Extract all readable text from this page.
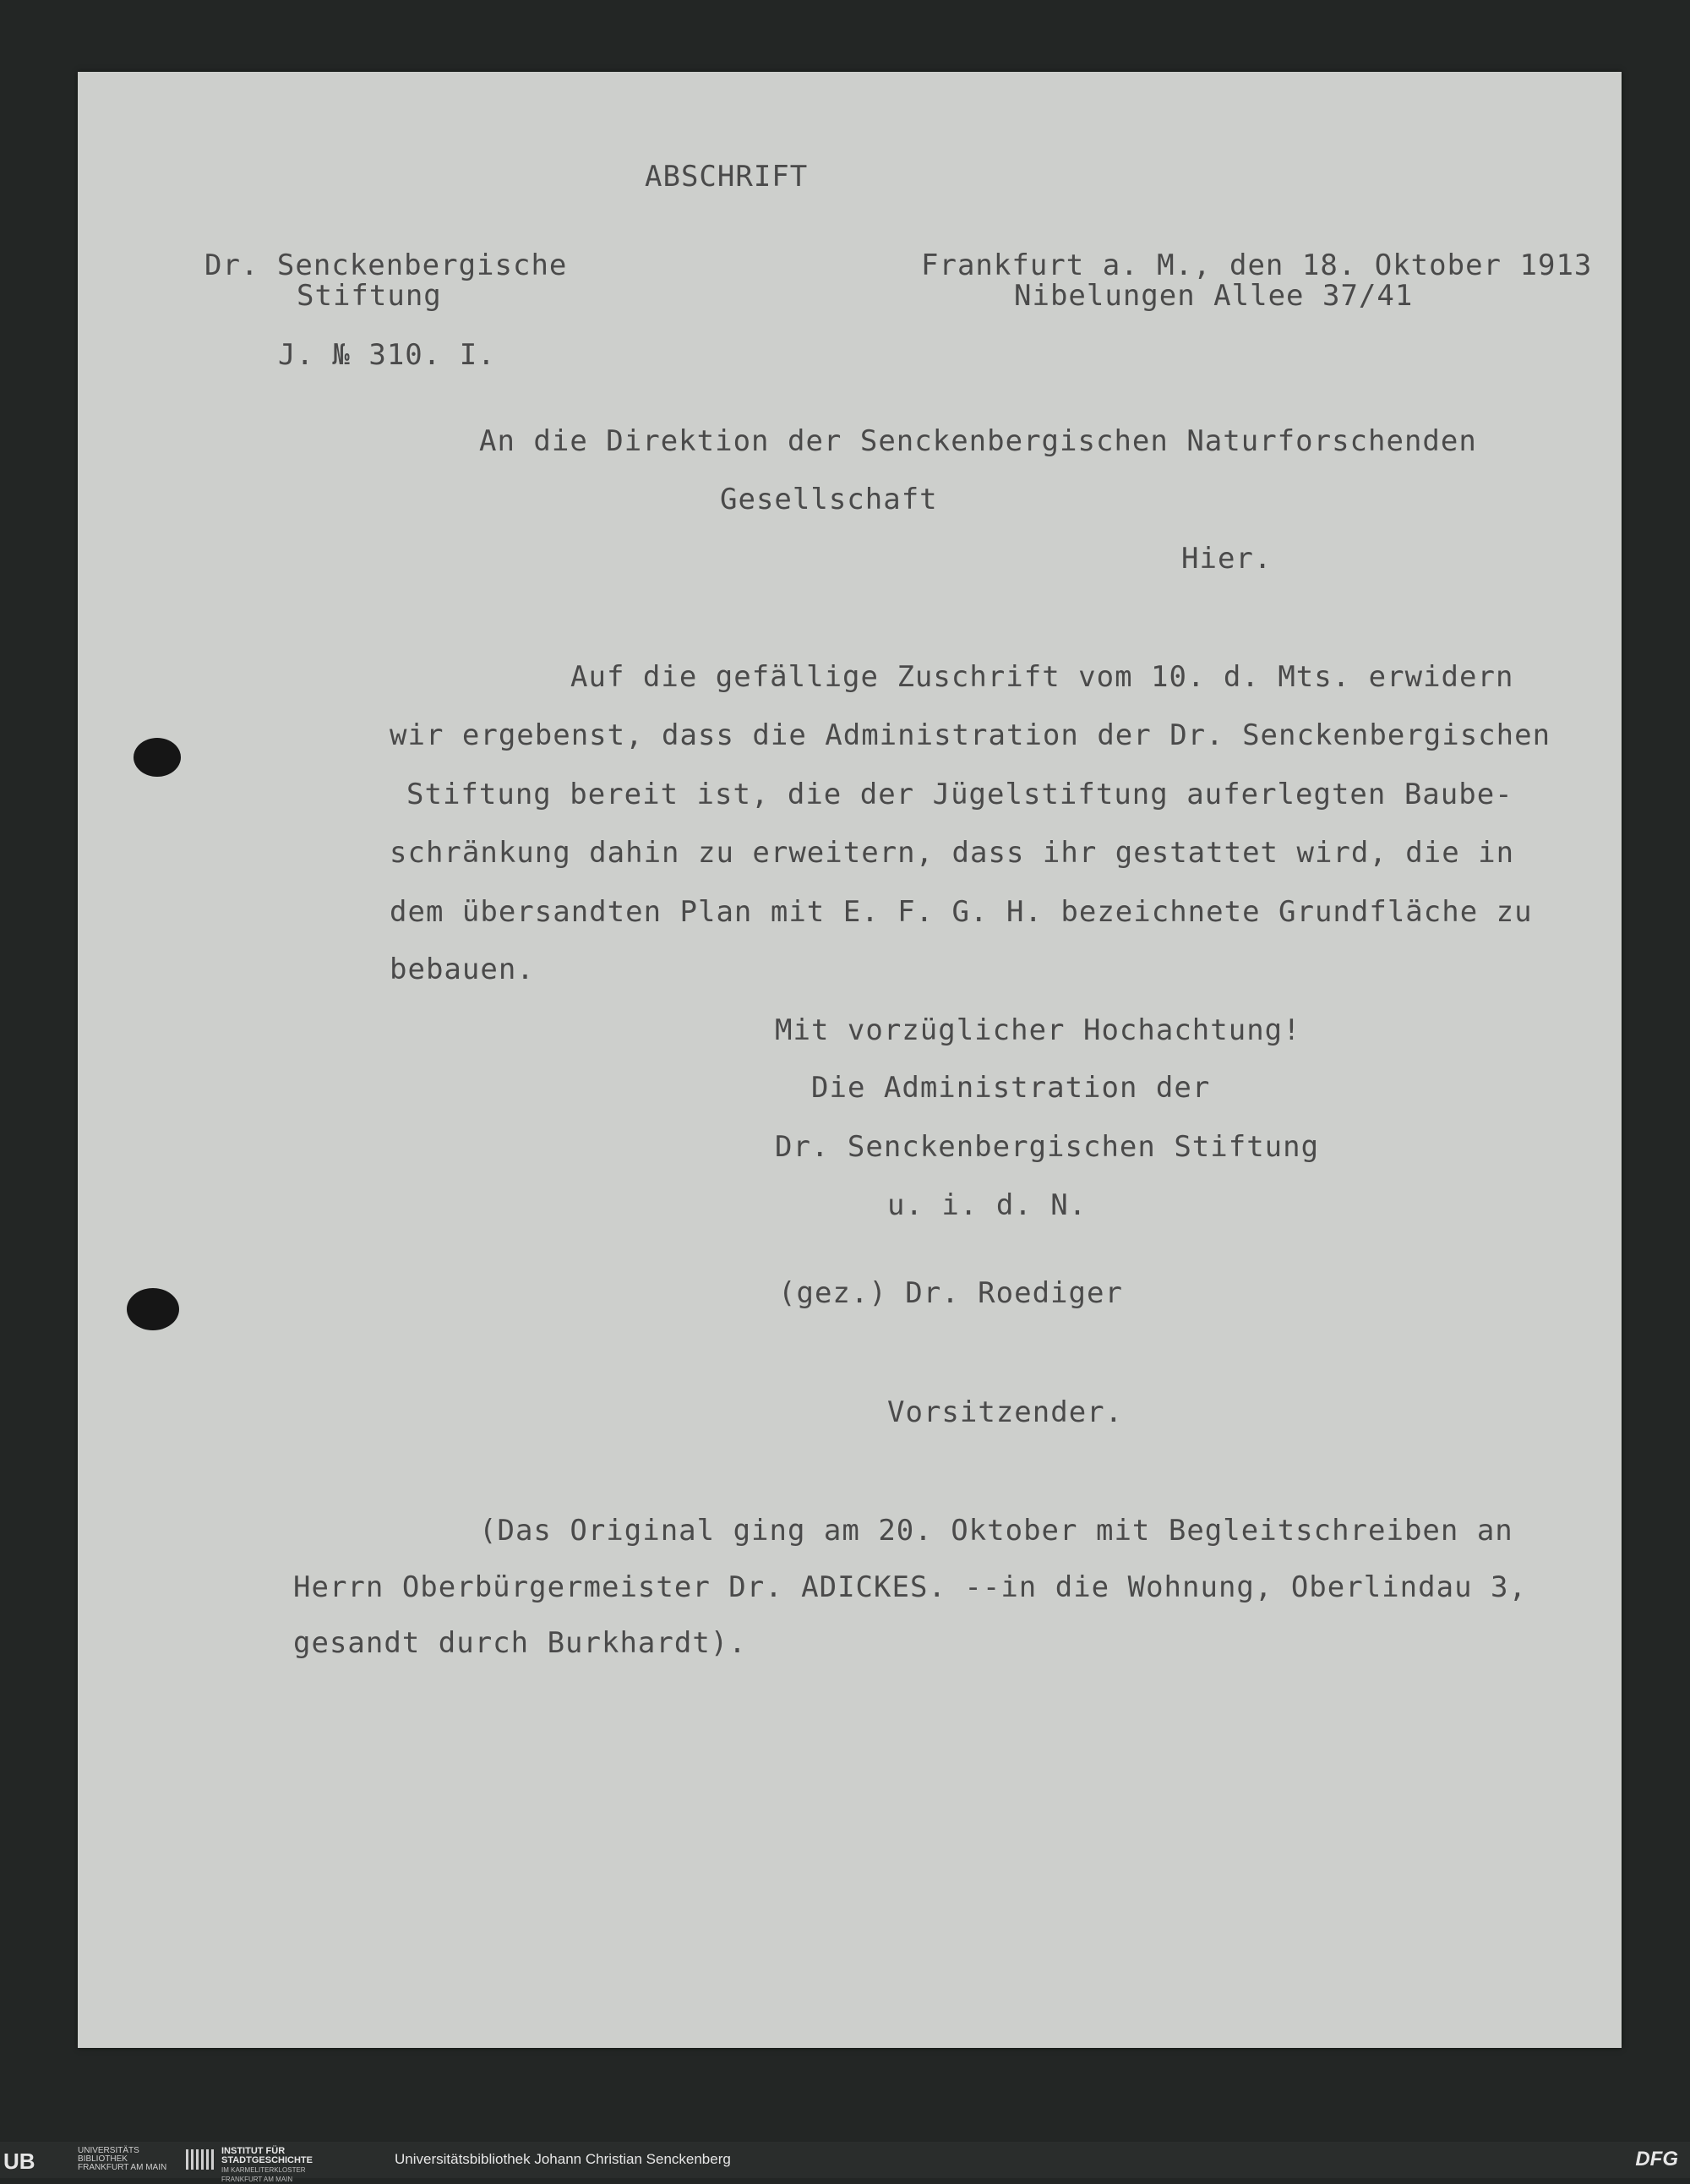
ABSCHRIFT

Dr. Senckenbergische

Stiftung

Frankfurt a. M., den 18. Oktober 1913

Nibelungen Allee 37/41

J. № 310. I.

An die Direktion der Senckenbergischen Naturforschenden

Gesellschaft

Hier.

Auf die gefällige Zuschrift vom 10. d. Mts. erwidern

wir ergebenst, dass die Administration der Dr. Senckenbergischen

Stiftung bereit ist, die der Jügelstiftung auferlegten Baube-

schränkung dahin zu erweitern, dass ihr gestattet wird, die in

dem übersandten Plan mit E. F. G. H. bezeichnete Grundfläche zu

bebauen.

Mit vorzüglicher Hochachtung!

Die Administration der

Dr. Senckenbergischen Stiftung

u. i. d. N.

(gez.) Dr. Roediger

Vorsitzender.

(Das Original ging am 20. Oktober mit Begleitschreiben an

Herrn Oberbürgermeister Dr. ADICKES. --in die Wohnung, Oberlindau 3,

gesandt durch Burkhardt).

UB	UNIVERSITÄTS
BIBLIOTHEK
FRANKFURT AM MAIN
INSTITUT FÜR
STADTGESCHICHTE
IM KARMELITERKLOSTER
FRANKFURT AM MAIN
Universitätsbibliothek Johann Christian Senckenberg	DFG
